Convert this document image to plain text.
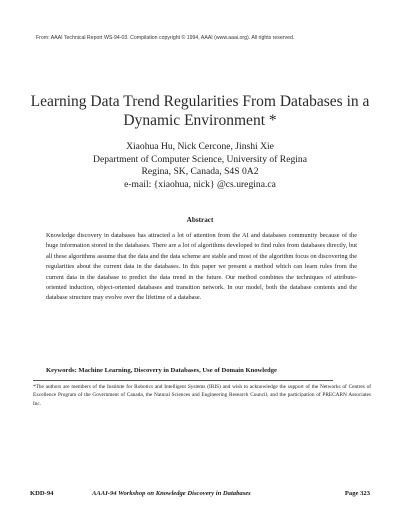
From: AAAI Technical Report WS-94-03. Compilation copyright © 1994, AAAI (www.aaai.org). All rights reserved.
Learning Data Trend Regularities From Databases in a
Dynamic Environment *
Xiaohua Hu, Nick Cercone, Jinshi Xie
Department of Computer Science, University of Regina
Regina, SK, Canada, S4S 0A2
e-mail: {xiaohua, nick} @cs.uregina.ca
Abstract

Knowledge discovery in databases has attracted a lot of attention from the AI and databases community because of the huge information stored in the databases. There are a lot of algorithms developed to find rules from databases directly, but all these algorithms assume that the data and the data scheme are stable and most of the algorithm focus on discovering the regularities about the current data in the databases. In this paper we present a method which can learn rules from the current data in the database to predict the data trend in the future. Our method combines the techniques of attribute-oriented induction, object-oriented databases and transition network. In our model, both the database contents and the database structure may evolve over the lifetime of a database.

Keywords: Machine Learning, Discovery in Databases, Use of Domain Knowledge
*The authors are members of the Institute for Robotics and Intelligent Systems (IRIS) and wish to acknowledge the support of the Networks of Centres of Excellence Program of the Government of Canada, the Natural Sciences and Engineering Research Council, and the participation of PRECARN Associates Inc.
KDD-94	AAAI-94 Workshop on Knowledge Discovery in Databases	Page 323
